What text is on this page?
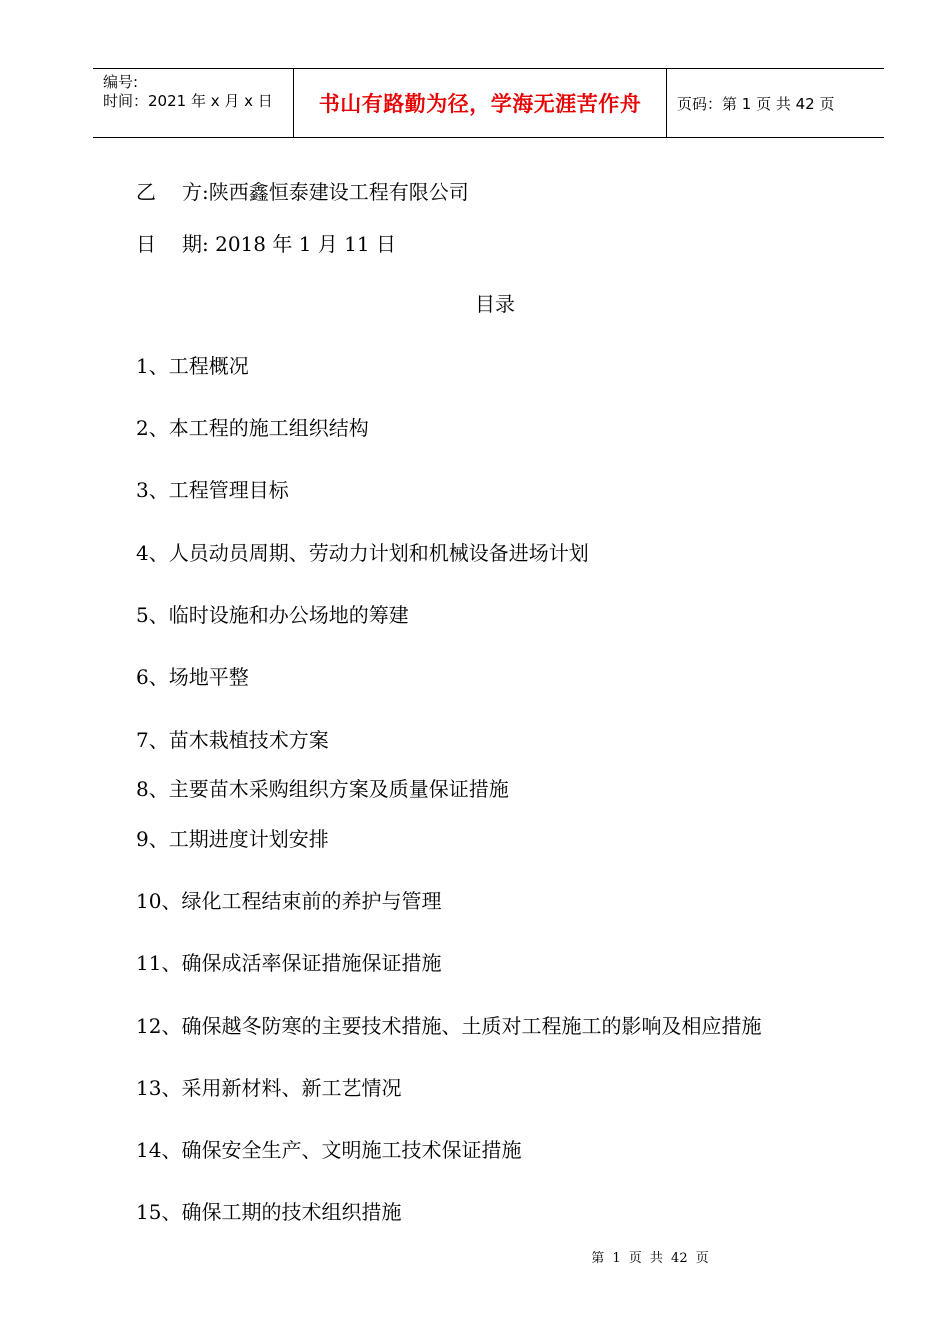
编号:
时间：2021 年 x 月 x 日	书山有路勤为径，学海无涯苦作舟	页码：第 1 页 共 42 页
乙 方:陕西鑫恒泰建设工程有限公司
日 期: 2018 年 1 月 11 日
目录
1、工程概况
2、本工程的施工组织结构
3、工程管理目标
4、人员动员周期、劳动力计划和机械设备进场计划
5、临时设施和办公场地的筹建
6、场地平整
7、苗木栽植技术方案
8、主要苗木采购组织方案及质量保证措施
9、工期进度计划安排
10、绿化工程结束前的养护与管理
11、确保成活率保证措施保证措施
12、确保越冬防寒的主要技术措施、土质对工程施工的影响及相应措施
13、采用新材料、新工艺情况
14、确保安全生产、文明施工技术保证措施
15、确保工期的技术组织措施
第 1 页 共 42 页
